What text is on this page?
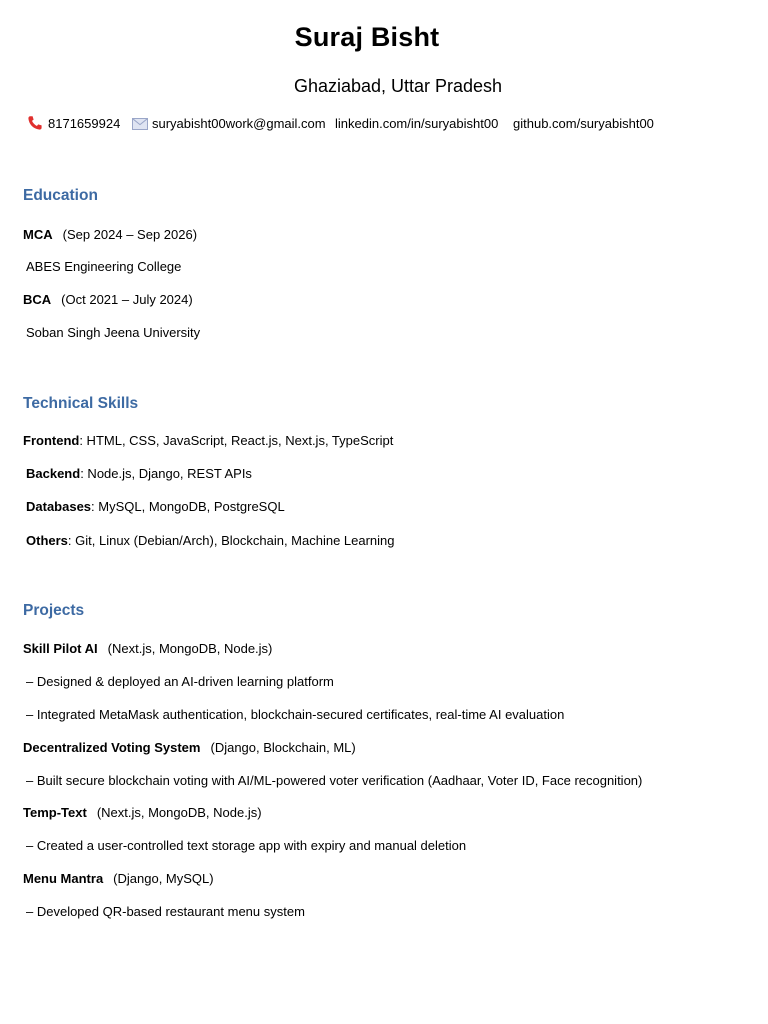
Suraj Bisht
Ghaziabad, Uttar Pradesh
8171659924 suryabisht00work@gmail.com linkedin.com/in/suryabisht00 github.com/suryabisht00
Education
MCA (Sep 2024 – Sep 2026)
ABES Engineering College
BCA (Oct 2021 – July 2024)
Soban Singh Jeena University
Technical Skills
Frontend: HTML, CSS, JavaScript, React.js, Next.js, TypeScript
Backend: Node.js, Django, REST APIs
Databases: MySQL, MongoDB, PostgreSQL
Others: Git, Linux (Debian/Arch), Blockchain, Machine Learning
Projects
Skill Pilot AI (Next.js, MongoDB, Node.js)
– Designed & deployed an AI-driven learning platform
– Integrated MetaMask authentication, blockchain-secured certificates, real-time AI evaluation
Decentralized Voting System (Django, Blockchain, ML)
– Built secure blockchain voting with AI/ML-powered voter verification (Aadhaar, Voter ID, Face recognition)
Temp-Text (Next.js, MongoDB, Node.js)
– Created a user-controlled text storage app with expiry and manual deletion
Menu Mantra (Django, MySQL)
– Developed QR-based restaurant menu system
